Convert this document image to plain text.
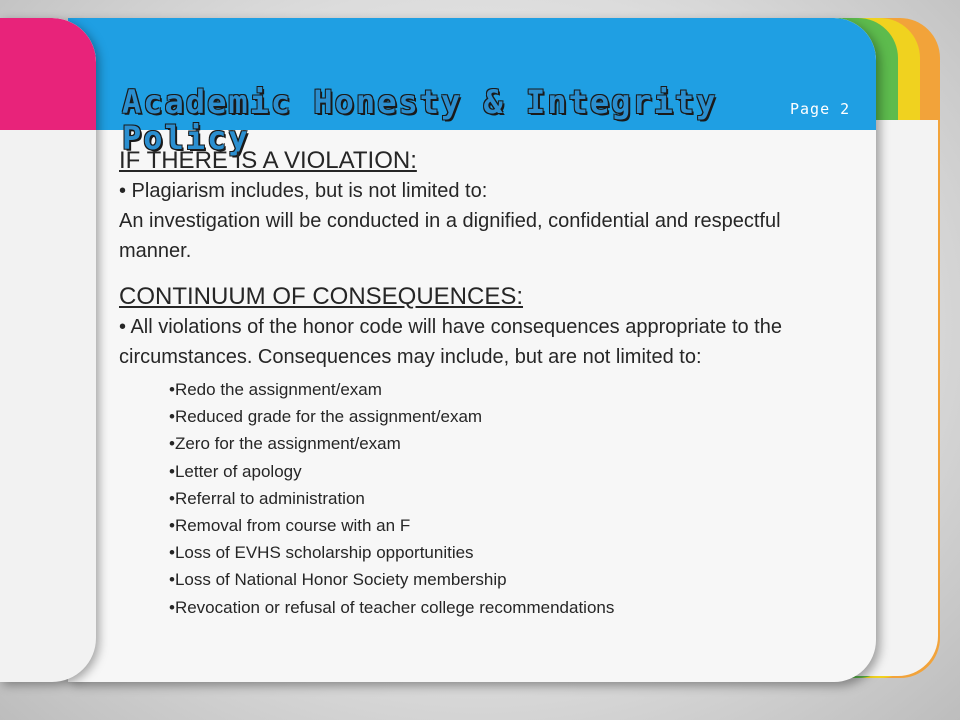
Academic Honesty & Integrity Policy
Page 2

IF THERE IS A VIOLATION:

• Plagiarism includes, but is not limited to:

An investigation will be conducted in a dignified, confidential and respectful manner.

CONTINUUM OF CONSEQUENCES:

• All violations of the honor code will have consequences appropriate to the circumstances. Consequences may include, but are not limited to:

• Redo the assignment/exam
• Reduced grade for the assignment/exam
• Zero for the assignment/exam
• Letter of apology
• Referral to administration
• Removal from course with an F
• Loss of EVHS scholarship opportunities
• Loss of National Honor Society membership
• Revocation or refusal of teacher college recommendations
